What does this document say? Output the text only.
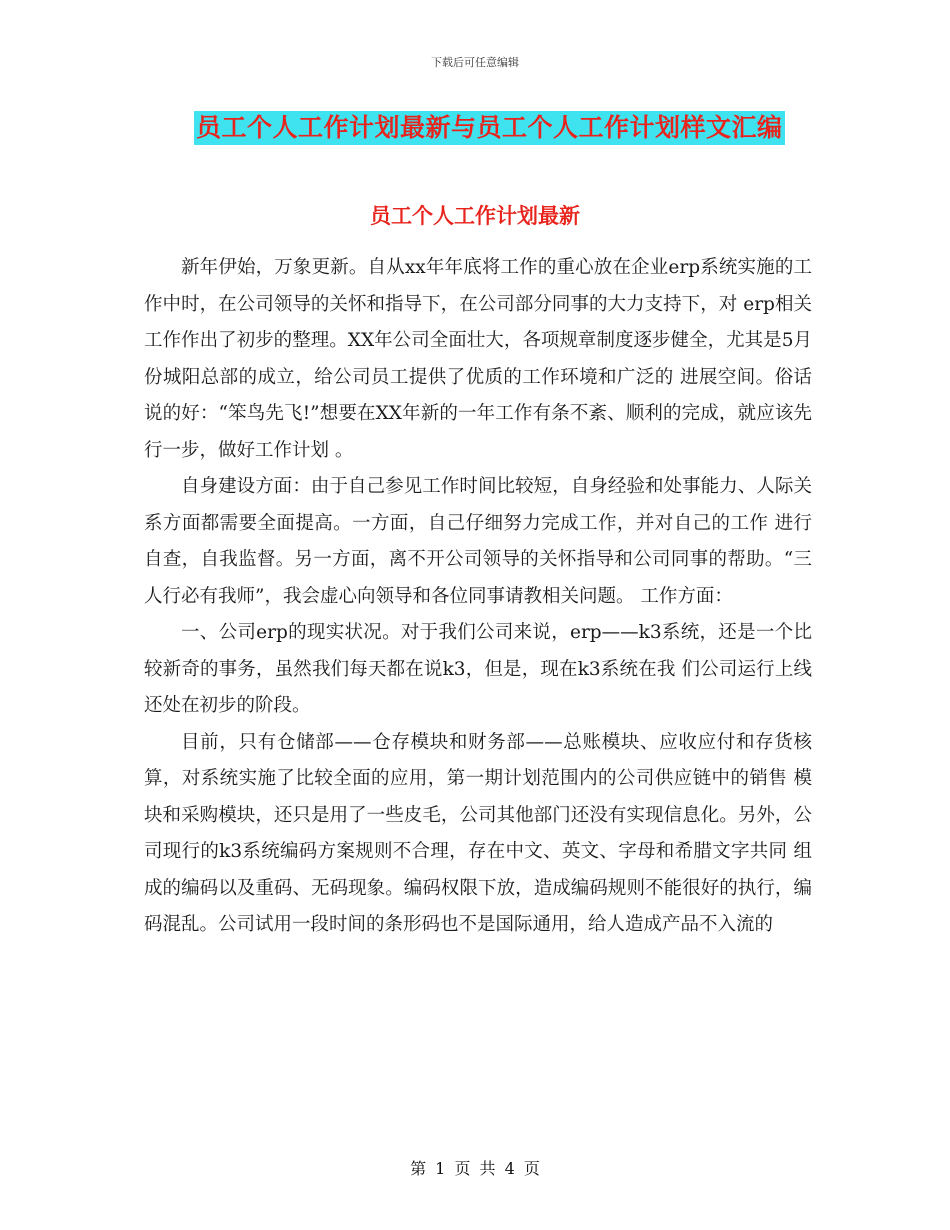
下载后可任意编辑
员工个人工作计划最新与员工个人工作计划样文汇编
员工个人工作计划最新

新年伊始，万象更新。自从xx年年底将工作的重心放在企业erp系统实施的工作中时，在公司领导的关怀和指导下，在公司部分同事的大力支持下，对 erp相关工作作出了初步的整理。XX年公司全面壮大，各项规章制度逐步健全，尤其是5月份城阳总部的成立，给公司员工提供了优质的工作环境和广泛的 进展空间。俗话说的好：“笨鸟先飞!”想要在XX年新的一年工作有条不紊、顺利的完成，就应该先行一步，做好工作计划 。

自身建设方面：由于自己参见工作时间比较短，自身经验和处事能力、人际关系方面都需要全面提高。一方面，自己仔细努力完成工作，并对自己的工作 进行自查，自我监督。另一方面，离不开公司领导的关怀指导和公司同事的帮助。“三人行必有我师”，我会虚心向领导和各位同事请教相关问题。 工作方面：

一、公司erp的现实状况。对于我们公司来说，erp——k3系统，还是一个比较新奇的事务，虽然我们每天都在说k3，但是，现在k3系统在我 们公司运行上线还处在初步的阶段。

目前，只有仓储部——仓存模块和财务部——总账模块、应收应付和存货核算，对系统实施了比较全面的应用，第一期计划范围内的公司供应链中的销售 模块和采购模块，还只是用了一些皮毛，公司其他部门还没有实现信息化。另外，公司现行的k3系统编码方案规则不合理，存在中文、英文、字母和希腊文字共同 组成的编码以及重码、无码现象。编码权限下放，造成编码规则不能很好的执行，编码混乱。公司试用一段时间的条形码也不是国际通用，给人造成产品不入流的

第 1 页 共 4 页
